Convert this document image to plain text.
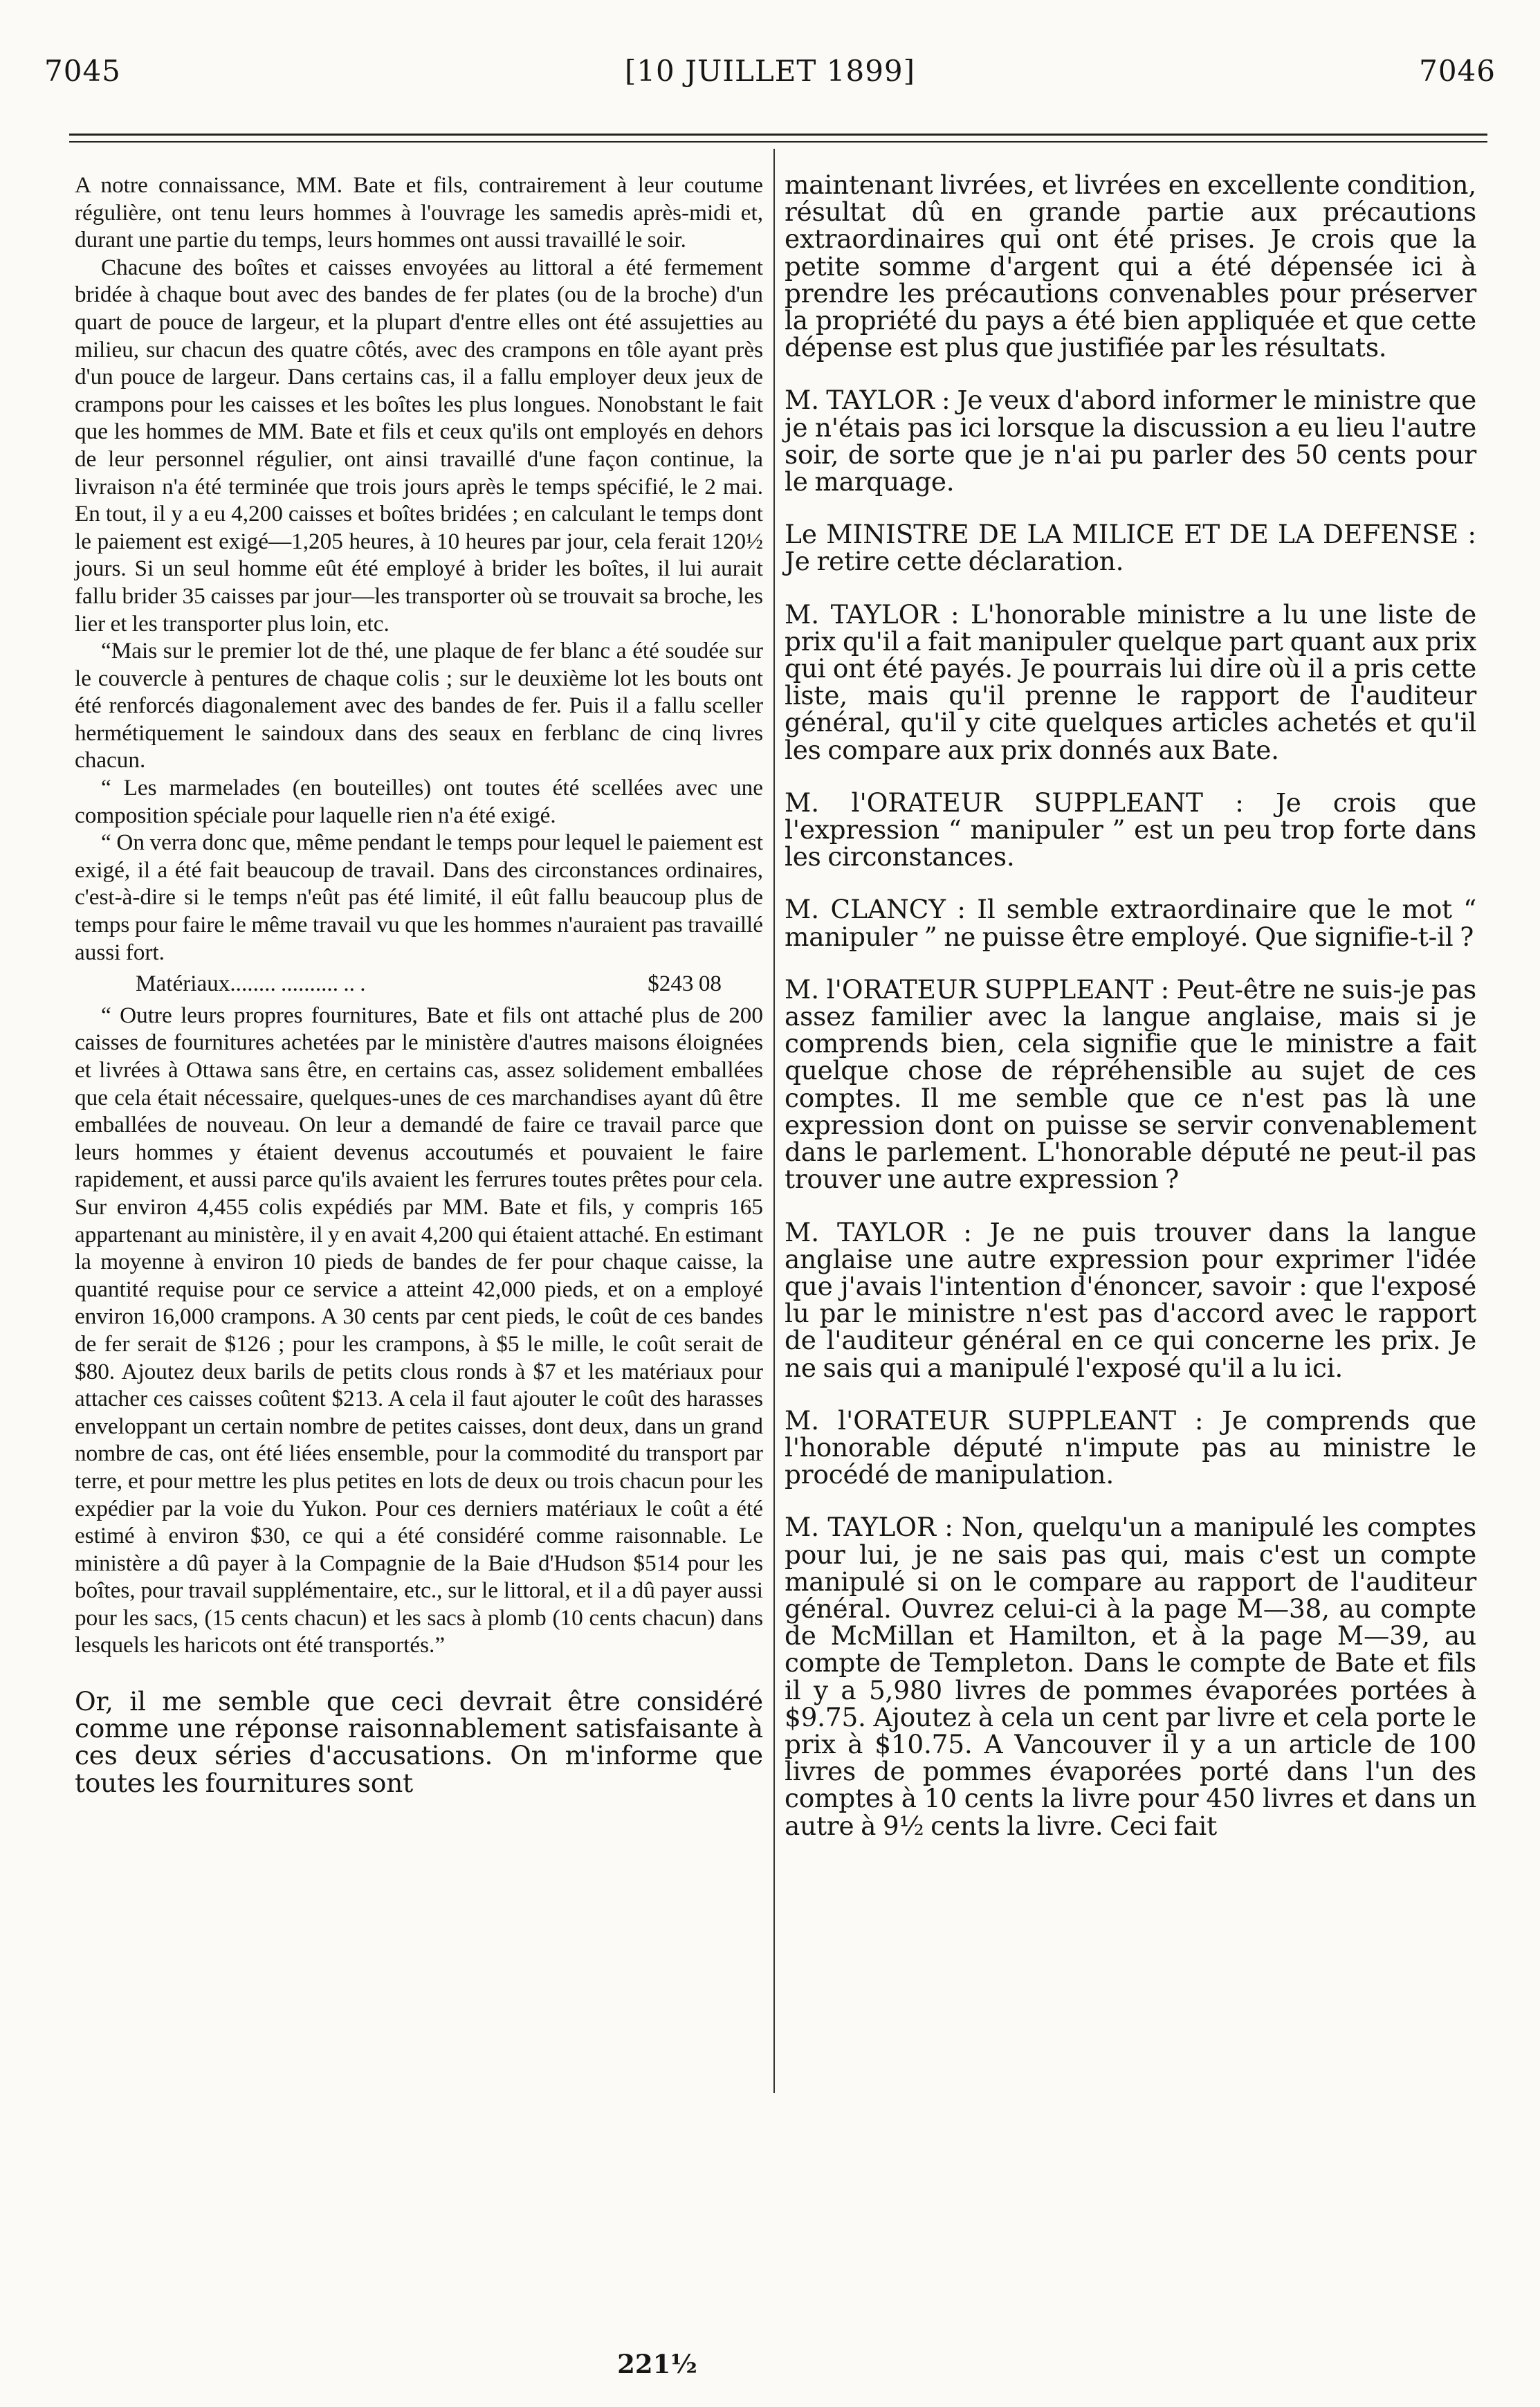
7045	[10 JUILLET 1899]	7046

A notre connaissance, MM. Bate et fils, contrairement à leur coutume régulière, ont tenu leurs hommes à l'ouvrage les samedis après-midi et, durant une partie du temps, leurs hommes ont aussi travaillé le soir.

Chacune des boîtes et caisses envoyées au littoral a été fermement bridée à chaque bout avec des bandes de fer plates (ou de la broche) d'un quart de pouce de largeur, et la plupart d'entre elles ont été assujetties au milieu, sur chacun des quatre côtés, avec des crampons en tôle ayant près d'un pouce de largeur. Dans certains cas, il a fallu employer deux jeux de crampons pour les caisses et les boîtes les plus longues. Nonobstant le fait que les hommes de MM. Bate et fils et ceux qu'ils ont employés en dehors de leur personnel régulier, ont ainsi travaillé d'une façon continue, la livraison n'a été terminée que trois jours après le temps spécifié, le 2 mai. En tout, il y a eu 4,200 caisses et boîtes bridées ; en calculant le temps dont le paiement est exigé—1,205 heures, à 10 heures par jour, cela ferait 120½ jours. Si un seul homme eût été employé à brider les boîtes, il lui aurait fallu brider 35 caisses par jour—les transporter où se trouvait sa broche, les lier et les transporter plus loin, etc.

“Mais sur le premier lot de thé, une plaque de fer blanc a été soudée sur le couvercle à pentures de chaque colis ; sur le deuxième lot les bouts ont été renforcés diagonalement avec des bandes de fer. Puis il a fallu sceller hermétiquement le saindoux dans des seaux en ferblanc de cinq livres chacun.

“ Les marmelades (en bouteilles) ont toutes été scellées avec une composition spéciale pour laquelle rien n'a été exigé.

“ On verra donc que, même pendant le temps pour lequel le paiement est exigé, il a été fait beaucoup de travail. Dans des circonstances ordinaires, c'est-à-dire si le temps n'eût pas été limité, il eût fallu beaucoup plus de temps pour faire le même travail vu que les hommes n'auraient pas travaillé aussi fort.

Matériaux........ .......... .. .	$243 08

“ Outre leurs propres fournitures, Bate et fils ont attaché plus de 200 caisses de fournitures achetées par le ministère d'autres maisons éloignées et livrées à Ottawa sans être, en certains cas, assez solidement emballées que cela était nécessaire, quelques-unes de ces marchandises ayant dû être emballées de nouveau. On leur a demandé de faire ce travail parce que leurs hommes y étaient devenus accoutumés et pouvaient le faire rapidement, et aussi parce qu'ils avaient les ferrures toutes prêtes pour cela. Sur environ 4,455 colis expédiés par MM. Bate et fils, y compris 165 appartenant au ministère, il y en avait 4,200 qui étaient attaché. En estimant la moyenne à environ 10 pieds de bandes de fer pour chaque caisse, la quantité requise pour ce service a atteint 42,000 pieds, et on a employé environ 16,000 crampons. A 30 cents par cent pieds, le coût de ces bandes de fer serait de $126 ; pour les crampons, à $5 le mille, le coût serait de $80. Ajoutez deux barils de petits clous ronds à $7 et les matériaux pour attacher ces caisses coûtent $213. A cela il faut ajouter le coût des harasses enveloppant un certain nombre de petites caisses, dont deux, dans un grand nombre de cas, ont été liées ensemble, pour la commodité du transport par terre, et pour mettre les plus petites en lots de deux ou trois chacun pour les expédier par la voie du Yukon. Pour ces derniers matériaux le coût a été estimé à environ $30, ce qui a été considéré comme raisonnable. Le ministère a dû payer à la Compagnie de la Baie d'Hudson $514 pour les boîtes, pour travail supplémentaire, etc., sur le littoral, et il a dû payer aussi pour les sacs, (15 cents chacun) et les sacs à plomb (10 cents chacun) dans lesquels les haricots ont été transportés.”

Or, il me semble que ceci devrait être considéré comme une réponse raisonnablement satisfaisante à ces deux séries d'accusations. On m'informe que toutes les fournitures sont

maintenant livrées, et livrées en excellente condition, résultat dû en grande partie aux précautions extraordinaires qui ont été prises. Je crois que la petite somme d'argent qui a été dépensée ici à prendre les précautions convenables pour préserver la propriété du pays a été bien appliquée et que cette dépense est plus que justifiée par les résultats.

M. TAYLOR : Je veux d'abord informer le ministre que je n'étais pas ici lorsque la discussion a eu lieu l'autre soir, de sorte que je n'ai pu parler des 50 cents pour le marquage.

Le MINISTRE DE LA MILICE ET DE LA DEFENSE : Je retire cette déclaration.

M. TAYLOR : L'honorable ministre a lu une liste de prix qu'il a fait manipuler quelque part quant aux prix qui ont été payés. Je pourrais lui dire où il a pris cette liste, mais qu'il prenne le rapport de l'auditeur général, qu'il y cite quelques articles achetés et qu'il les compare aux prix donnés aux Bate.

M. l'ORATEUR SUPPLEANT : Je crois que l'expression “ manipuler ” est un peu trop forte dans les circonstances.

M. CLANCY : Il semble extraordinaire que le mot “ manipuler ” ne puisse être employé. Que signifie-t-il ?

M. l'ORATEUR SUPPLEANT : Peut-être ne suis-je pas assez familier avec la langue anglaise, mais si je comprends bien, cela signifie que le ministre a fait quelque chose de répréhensible au sujet de ces comptes. Il me semble que ce n'est pas là une expression dont on puisse se servir convenablement dans le parlement. L'honorable député ne peut-il pas trouver une autre expression ?

M. TAYLOR : Je ne puis trouver dans la langue anglaise une autre expression pour exprimer l'idée que j'avais l'intention d'énoncer, savoir : que l'exposé lu par le ministre n'est pas d'accord avec le rapport de l'auditeur général en ce qui concerne les prix. Je ne sais qui a manipulé l'exposé qu'il a lu ici.

M. l'ORATEUR SUPPLEANT : Je comprends que l'honorable député n'impute pas au ministre le procédé de manipulation.

M. TAYLOR : Non, quelqu'un a manipulé les comptes pour lui, je ne sais pas qui, mais c'est un compte manipulé si on le compare au rapport de l'auditeur général. Ouvrez celui-ci à la page M—38, au compte de McMillan et Hamilton, et à la page M—39, au compte de Templeton. Dans le compte de Bate et fils il y a 5,980 livres de pommes évaporées portées à $9.75. Ajoutez à cela un cent par livre et cela porte le prix à $10.75. A Vancouver il y a un article de 100 livres de pommes évaporées porté dans l'un des comptes à 10 cents la livre pour 450 livres et dans un autre à 9½ cents la livre. Ceci fait

221½
